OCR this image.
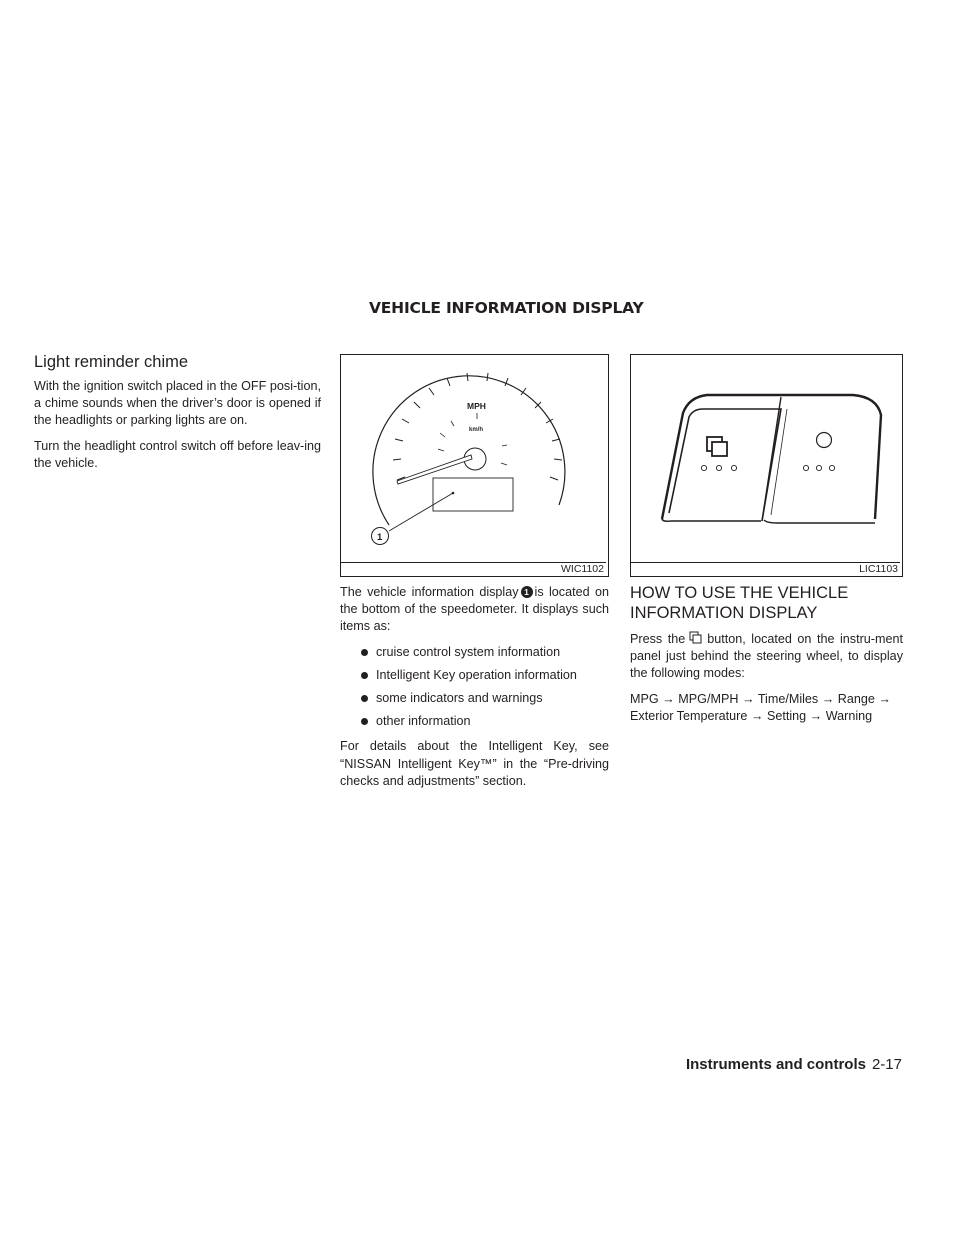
VEHICLE INFORMATION DISPLAY
Light reminder chime

With the ignition switch placed in the OFF posi-tion, a chime sounds when the driver’s door is opened if the headlights or parking lights are on.

Turn the headlight control switch off before leav-ing the vehicle.

MPH
km/h
1
WIC1102

The vehicle information display 1 is located on the bottom of the speedometer. It displays such items as:

cruise control system information
Intelligent Key operation information
some indicators and warnings
other information

For details about the Intelligent Key, see “NISSAN Intelligent Key™” in the “Pre-driving checks and adjustments” section.

LIC1103
HOW TO USE THE VEHICLE INFORMATION DISPLAY

Press the button, located on the instru-ment panel just behind the steering wheel, to display the following modes:

MPG → MPG/MPH → Time/Miles → Range → Exterior Temperature → Setting → Warning

Instruments and controls 2-17
